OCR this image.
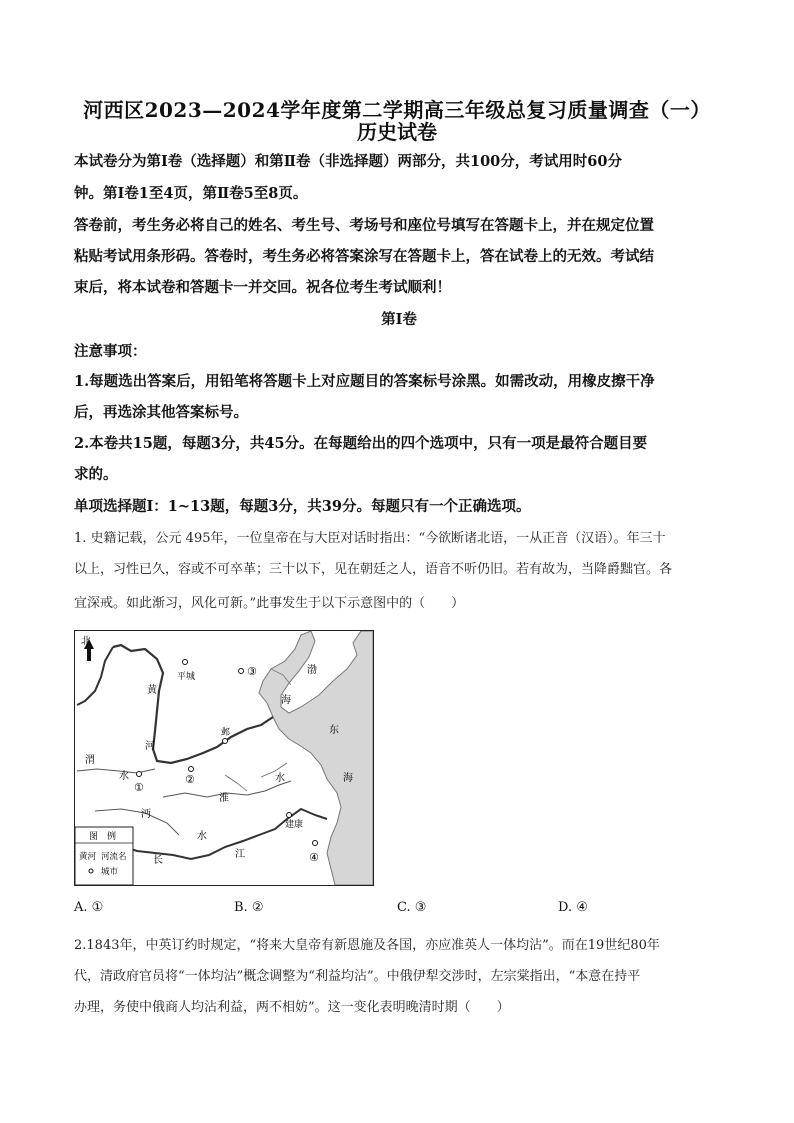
河西区2023—2024学年度第二学期高三年级总复习质量调查（一）
历史试卷
本试卷分为第Ⅰ卷（选择题）和第Ⅱ卷（非选择题）两部分，共100分，考试用时60分
钟。第Ⅰ卷1至4页，第Ⅱ卷5至8页。
答卷前，考生务必将自己的姓名、考生号、考场号和座位号填写在答题卡上，并在规定位置
粘贴考试用条形码。答卷时，考生务必将答案涂写在答题卡上，答在试卷上的无效。考试结
束后，将本试卷和答题卡一并交回。祝各位考生考试顺利！
第Ⅰ卷
注意事项：
1.每题选出答案后，用铅笔将答题卡上对应题目的答案标号涂黑。如需改动，用橡皮擦干净
后，再选涂其他答案标号。
2.本卷共15题，每题3分，共45分。在每题给出的四个选项中，只有一项是最符合题目要
求的。
单项选择题Ⅰ：1~13题，每题3分，共39分。每题只有一个正确选项。
1. 史籍记载，公元 495年，一位皇帝在与大臣对话时指出：“今欲断诸北语，一从正音（汉语）。年三十
以上，习性已久，容或不可卒革；三十以下，见在朝廷之人，语音不听仍旧。若有故为，当降爵黜官。各
宜深戒。如此渐习，风化可新。”此事发生于以下示意图中的（　　）
北
平城	③
邺
①
②
建康
④
渤
海
东
海
黄
河
渭
水
淮
水
沔
水
长
江
图　例
黄河 河流名
城市
A. ①	B. ②	C. ③	D. ④
2.1843年，中英订约时规定，“将来大皇帝有新恩施及各国，亦应准英人一体均沾”。而在19世纪80年
代，清政府官员将“一体均沾”概念调整为“利益均沾”。中俄伊犁交涉时，左宗棠指出，“本意在持平
办理，务使中俄商人均沾利益，两不相妨”。这一变化表明晚清时期（　　）
